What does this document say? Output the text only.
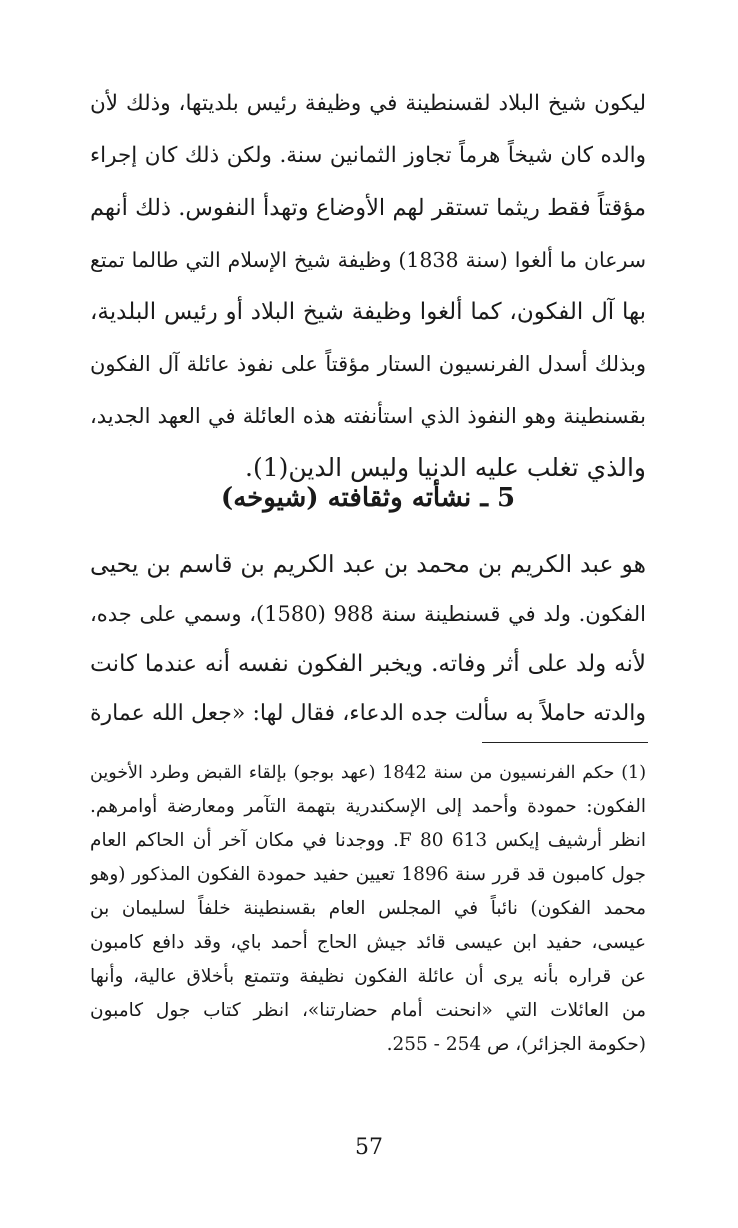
ليكون شيخ البلاد لقسنطينة في وظيفة رئيس بلديتها، وذلك لأن
والده كان شيخاً هرماً تجاوز الثمانين سنة. ولكن ذلك كان إجراء
مؤقتاً فقط ريثما تستقر لهم الأوضاع وتهدأ النفوس. ذلك أنهم
سرعان ما ألغوا (سنة 1838) وظيفة شيخ الإسلام التي طالما تمتع
بها آل الفكون، كما ألغوا وظيفة شيخ البلاد أو رئيس البلدية،
وبذلك أسدل الفرنسيون الستار مؤقتاً على نفوذ عائلة آل الفكون
بقسنطينة وهو النفوذ الذي استأنفته هذه العائلة في العهد الجديد،
والذي تغلب عليه الدنيا وليس الدين(1).
5 ـ نشأته وثقافته (شيوخه)
هو عبد الكريم بن محمد بن عبد الكريم بن قاسم بن يحيى
الفكون. ولد في قسنطينة سنة 988 (1580)، وسمي على جده،
لأنه ولد على أثر وفاته. ويخبر الفكون نفسه أنه عندما كانت
والدته حاملاً به سألت جده الدعاء، فقال لها: «جعل الله عمارة
(1) حكم الفرنسيون من سنة 1842 (عهد بوجو) بإلقاء القبض وطرد الأخوين
الفكون: حمودة وأحمد إلى الإسكندرية بتهمة التآمر ومعارضة أوامرهم.
انظر أرشيف إيكس 613 F 80. ووجدنا في مكان آخر أن الحاكم العام
جول كامبون قد قرر سنة 1896 تعيين حفيد حمودة الفكون المذكور (وهو
محمد الفكون) نائباً في المجلس العام بقسنطينة خلفاً لسليمان بن
عيسى، حفيد ابن عيسى قائد جيش الحاج أحمد باي، وقد دافع كامبون
عن قراره بأنه يرى أن عائلة الفكون نظيفة وتتمتع بأخلاق عالية، وأنها
من العائلات التي «انحنت أمام حضارتنا»، انظر كتاب جول كامبون
(حكومة الجزائر)، ص 254 - 255.
57
